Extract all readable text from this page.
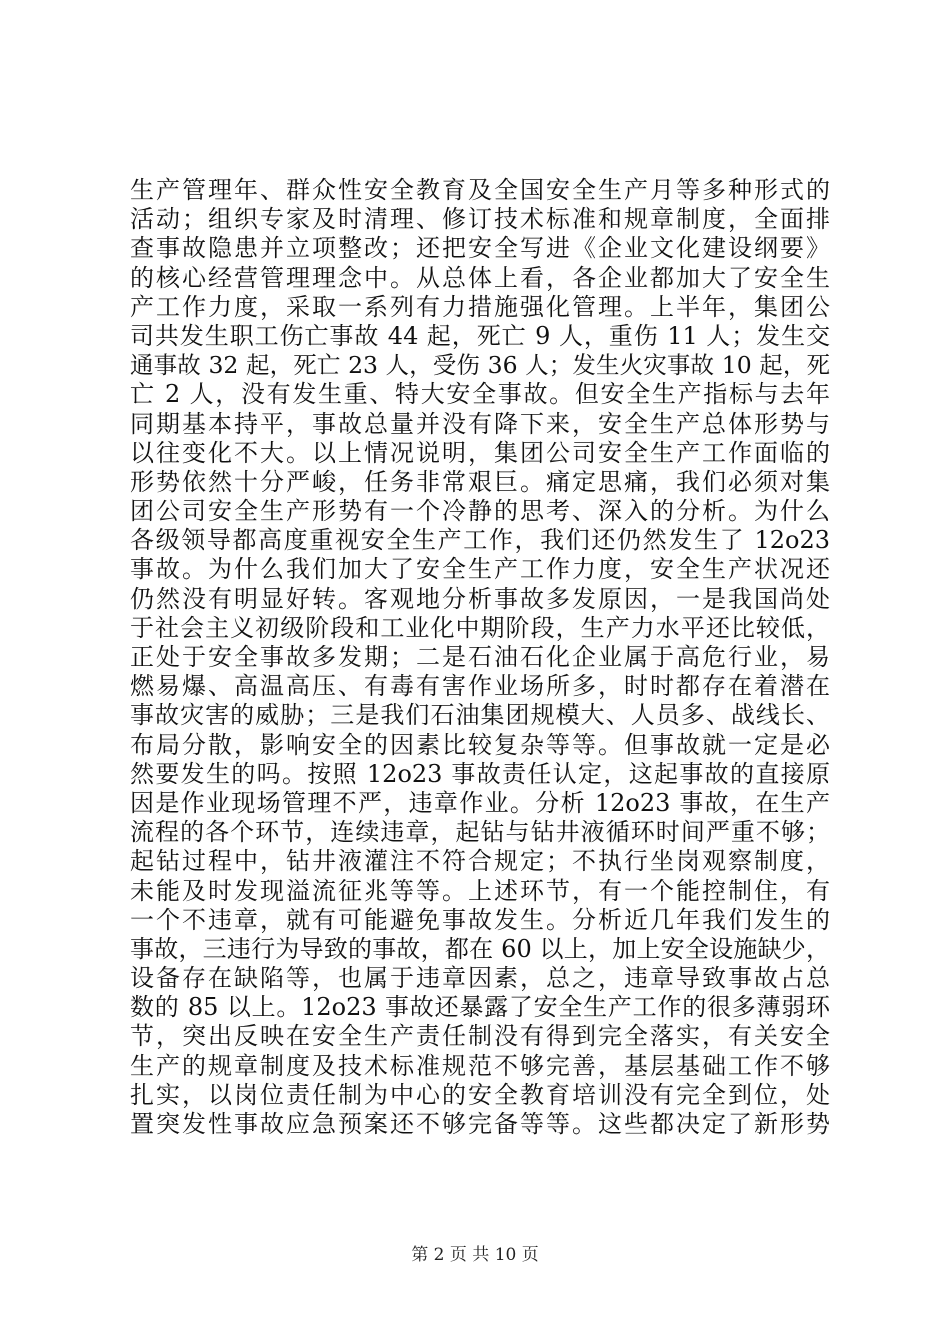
生产管理年、群众性安全教育及全国安全生产月等多种形式的
活动；组织专家及时清理、修订技术标准和规章制度，全面排
查事故隐患并立项整改；还把安全写进《企业文化建设纲要》
的核心经营管理理念中。从总体上看，各企业都加大了安全生
产工作力度，采取一系列有力措施强化管理。上半年，集团公
司共发生职工伤亡事故 44 起，死亡 9 人，重伤 11 人；发生交
通事故 32 起，死亡 23 人，受伤 36 人；发生火灾事故 10 起，死
亡 2 人，没有发生重、特大安全事故。但安全生产指标与去年
同期基本持平，事故总量并没有降下来，安全生产总体形势与
以往变化不大。以上情况说明，集团公司安全生产工作面临的
形势依然十分严峻，任务非常艰巨。痛定思痛，我们必须对集
团公司安全生产形势有一个冷静的思考、深入的分析。为什么
各级领导都高度重视安全生产工作，我们还仍然发生了 12o23
事故。为什么我们加大了安全生产工作力度，安全生产状况还
仍然没有明显好转。客观地分析事故多发原因，一是我国尚处
于社会主义初级阶段和工业化中期阶段，生产力水平还比较低，
正处于安全事故多发期；二是石油石化企业属于高危行业，易
燃易爆、高温高压、有毒有害作业场所多，时时都存在着潜在
事故灾害的威胁；三是我们石油集团规模大、人员多、战线长、
布局分散，影响安全的因素比较复杂等等。但事故就一定是必
然要发生的吗。按照 12o23 事故责任认定，这起事故的直接原
因是作业现场管理不严，违章作业。分析 12o23 事故，在生产
流程的各个环节，连续违章，起钻与钻井液循环时间严重不够；
起钻过程中，钻井液灌注不符合规定；不执行坐岗观察制度，
未能及时发现溢流征兆等等。上述环节，有一个能控制住，有
一个不违章，就有可能避免事故发生。分析近几年我们发生的
事故，三违行为导致的事故，都在 60 以上，加上安全设施缺少，
设备存在缺陷等，也属于违章因素，总之，违章导致事故占总
数的 85 以上。12o23 事故还暴露了安全生产工作的很多薄弱环
节，突出反映在安全生产责任制没有得到完全落实，有关安全
生产的规章制度及技术标准规范不够完善，基层基础工作不够
扎实，以岗位责任制为中心的安全教育培训没有完全到位，处
置突发性事故应急预案还不够完备等等。这些都决定了新形势
第 2 页 共 10 页
